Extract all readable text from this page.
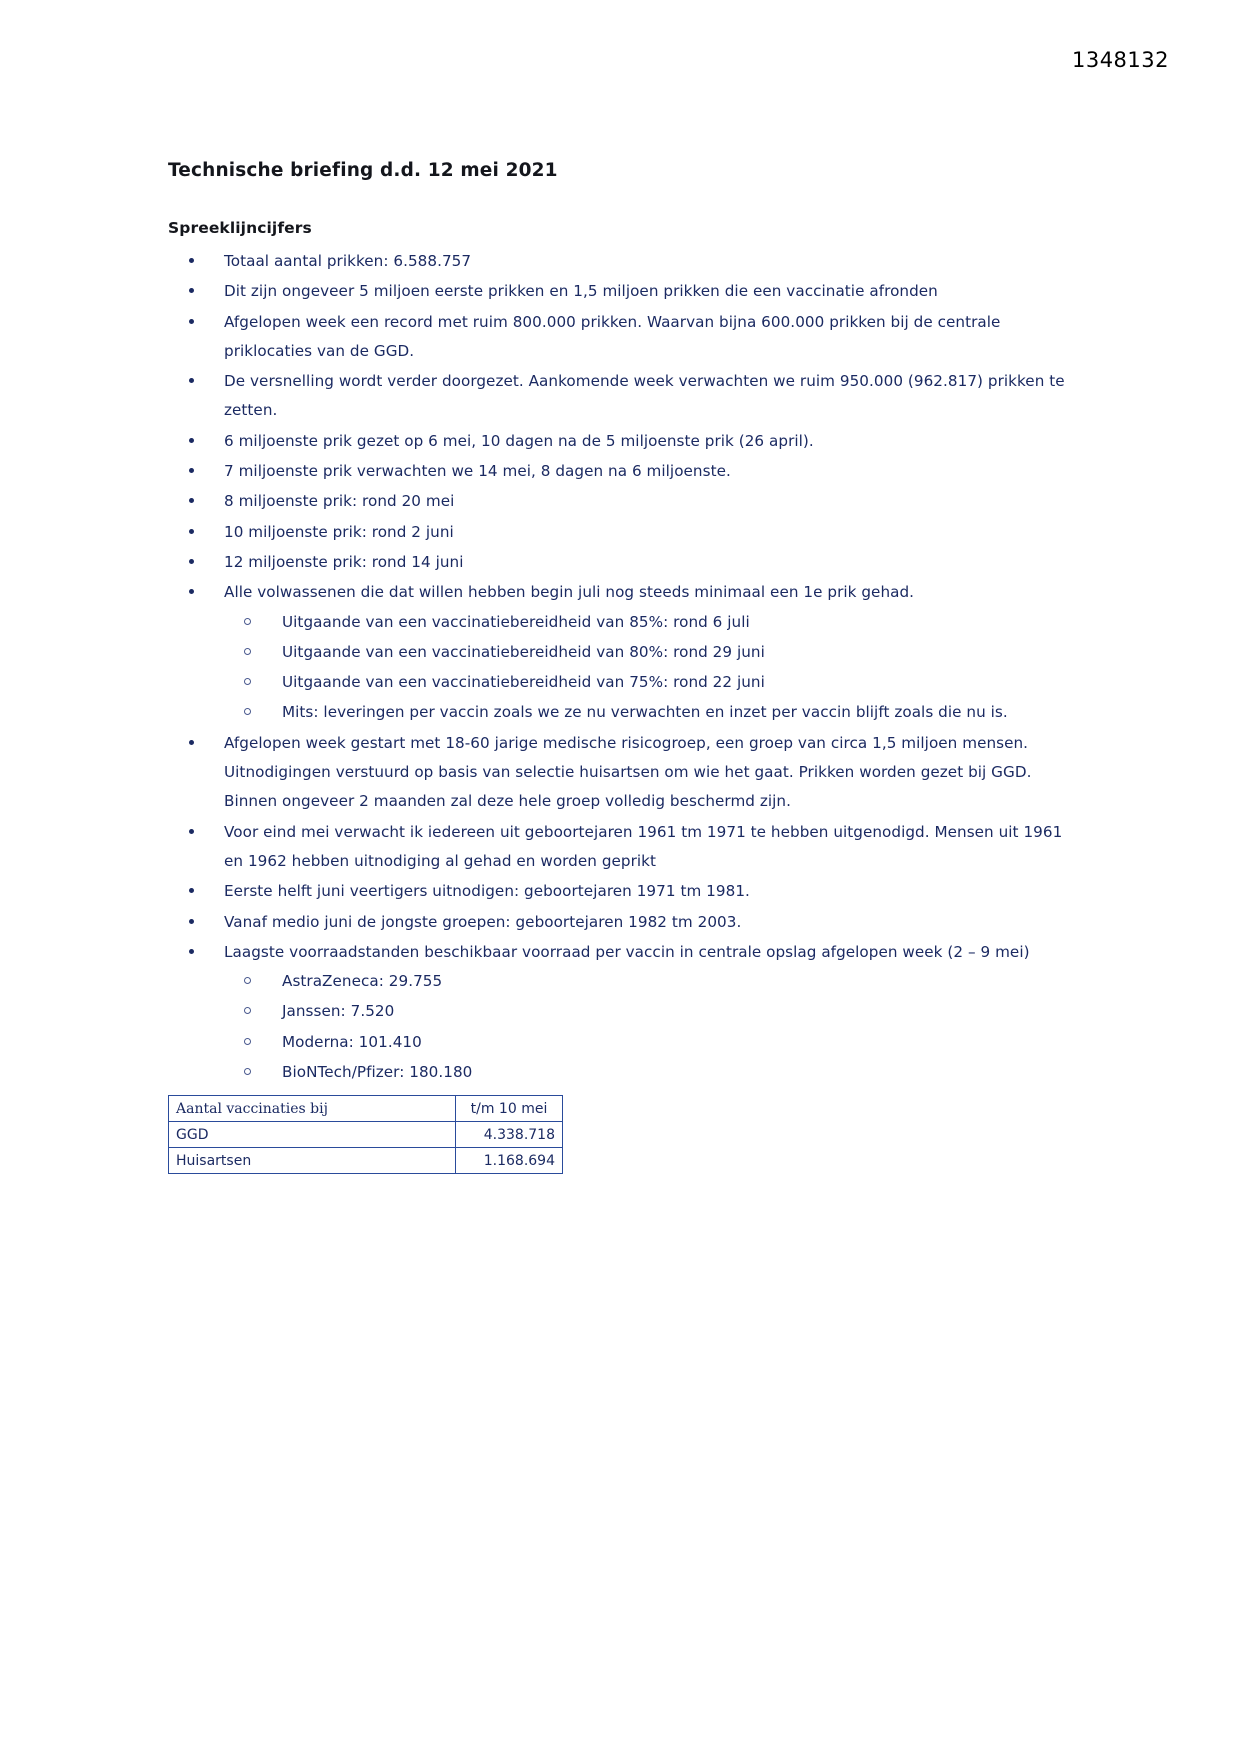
1348132
Technische briefing d.d. 12 mei 2021
Spreeklijncijfers

Totaal aantal prikken: 6.588.757

Dit zijn ongeveer 5 miljoen eerste prikken en 1,5 miljoen prikken die een vaccinatie afronden

Afgelopen week een record met ruim 800.000 prikken. Waarvan bijna 600.000 prikken bij de centrale priklocaties van de GGD.

De versnelling wordt verder doorgezet. Aankomende week verwachten we ruim 950.000 (962.817) prikken te zetten.

6 miljoenste prik gezet op 6 mei, 10 dagen na de 5 miljoenste prik (26 april).

7 miljoenste prik verwachten we 14 mei, 8 dagen na 6 miljoenste.

8 miljoenste prik: rond 20 mei

10 miljoenste prik: rond 2 juni

12 miljoenste prik: rond 14 juni

Alle volwassenen die dat willen hebben begin juli nog steeds minimaal een 1e prik gehad.

Uitgaande van een vaccinatiebereidheid van 85%: rond 6 juli

Uitgaande van een vaccinatiebereidheid van 80%: rond 29 juni

Uitgaande van een vaccinatiebereidheid van 75%: rond 22 juni

Mits: leveringen per vaccin zoals we ze nu verwachten en inzet per vaccin blijft zoals die nu is.

Afgelopen week gestart met 18-60 jarige medische risicogroep, een groep van circa 1,5 miljoen mensen. Uitnodigingen verstuurd op basis van selectie huisartsen om wie het gaat. Prikken worden gezet bij GGD. Binnen ongeveer 2 maanden zal deze hele groep volledig beschermd zijn.

Voor eind mei verwacht ik iedereen uit geboortejaren 1961 tm 1971 te hebben uitgenodigd. Mensen uit 1961 en 1962 hebben uitnodiging al gehad en worden geprikt

Eerste helft juni veertigers uitnodigen: geboortejaren 1971 tm 1981.

Vanaf medio juni de jongste groepen: geboortejaren 1982 tm 2003.

Laagste voorraadstanden beschikbaar voorraad per vaccin in centrale opslag afgelopen week (2 – 9 mei)

AstraZeneca: 29.755

Janssen: 7.520

Moderna: 101.410

BioNTech/Pfizer: 180.180

Aantal vaccinaties bij	t/m 10 mei
GGD	4.338.718
Huisartsen	1.168.694
